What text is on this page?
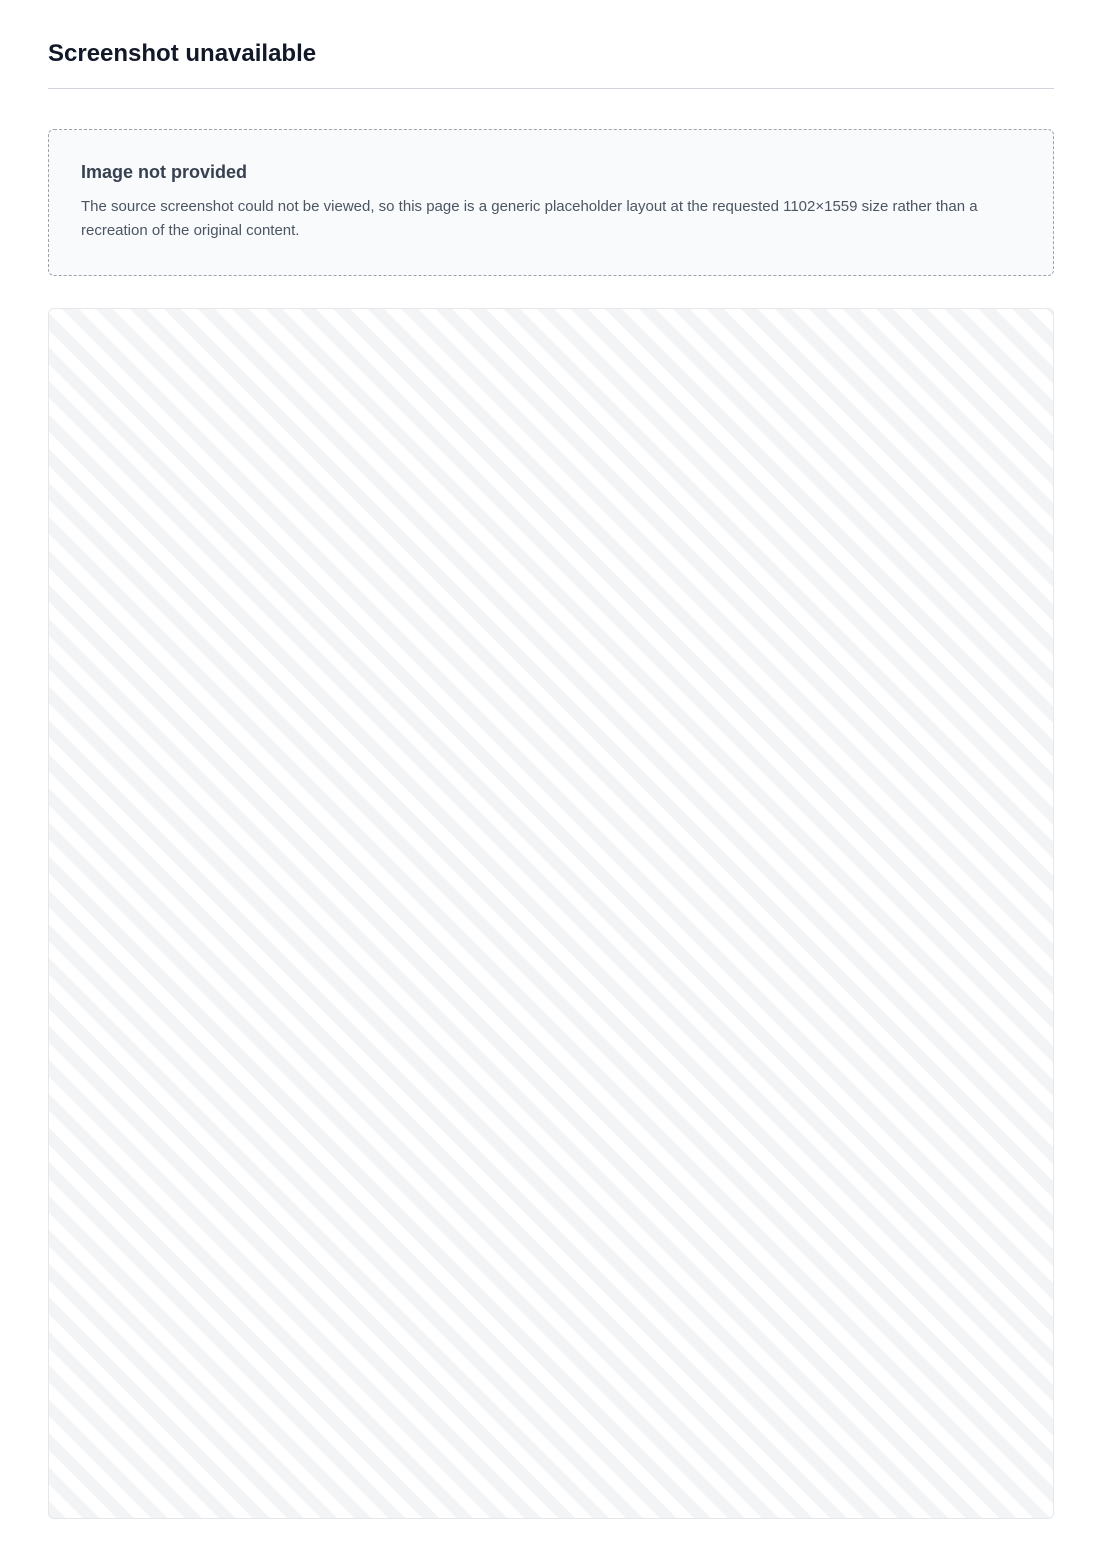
Screenshot unavailable
Image not provided
The source screenshot could not be viewed, so this page is a generic placeholder layout at the requested 1102×1559 size rather than a recreation of the original content.
